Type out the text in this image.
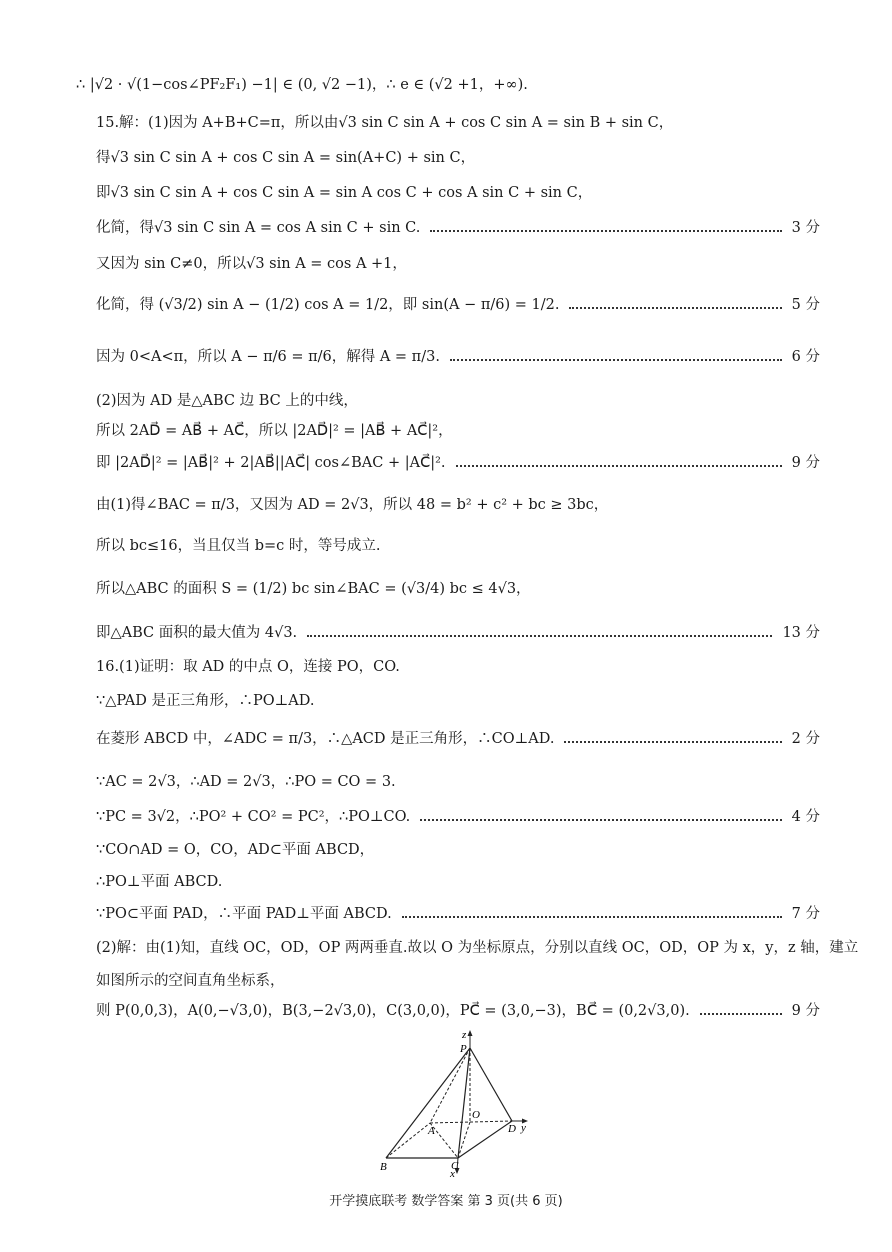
∴ |√2 · √(1−cos∠PF₂F₁) −1| ∈ (0, √2 −1)，∴ e ∈ (√2 +1，+∞).
15.解：(1)因为 A+B+C=π，所以由√3 sin C sin A + cos C sin A = sin B + sin C，
得√3 sin C sin A + cos C sin A = sin(A+C) + sin C，
即√3 sin C sin A + cos C sin A = sin A cos C + cos A sin C + sin C，
化简，得√3 sin C sin A = cos A sin C + sin C.	3 分
又因为 sin C≠0，所以√3 sin A = cos A +1，
化简，得 (√3/2) sin A − (1/2) cos A = 1/2，即 sin(A − π/6) = 1/2.	5 分
因为 0<A<π，所以 A − π/6 = π/6，解得 A = π/3.	6 分
(2)因为 AD 是△ABC 边 BC 上的中线，
所以 2AD⃗ = AB⃗ + AC⃗，所以 |2AD⃗|² = |AB⃗ + AC⃗|²，
即 |2AD⃗|² = |AB⃗|² + 2|AB⃗||AC⃗| cos∠BAC + |AC⃗|².	9 分
由(1)得∠BAC = π/3，又因为 AD = 2√3，所以 48 = b² + c² + bc ≥ 3bc，
所以 bc≤16，当且仅当 b=c 时，等号成立.
所以△ABC 的面积 S = (1/2) bc sin∠BAC = (√3/4) bc ≤ 4√3，
即△ABC 面积的最大值为 4√3.	13 分
16.(1)证明：取 AD 的中点 O，连接 PO，CO.
∵△PAD 是正三角形，∴PO⊥AD.
在菱形 ABCD 中，∠ADC = π/3，∴△ACD 是正三角形，∴CO⊥AD.	2 分
∵AC = 2√3，∴AD = 2√3，∴PO = CO = 3.
∵PC = 3√2，∴PO² + CO² = PC²，∴PO⊥CO.	4 分
∵CO∩AD = O，CO，AD⊂平面 ABCD，
∴PO⊥平面 ABCD.
∵PO⊂平面 PAD，∴平面 PAD⊥平面 ABCD.	7 分
(2)解：由(1)知，直线 OC，OD，OP 两两垂直.故以 O 为坐标原点，分别以直线 OC，OD，OP 为 x，y，z 轴，建立
如图所示的空间直角坐标系，
则 P(0,0,3)，A(0,−√3,0)，B(3,−2√3,0)，C(3,0,0)，PC⃗ = (3,0,−3)，BC⃗ = (0,2√3,0).	9 分
z
P
O
A	D y
B	C
x
开学摸底联考 数学答案 第 3 页(共 6 页)
